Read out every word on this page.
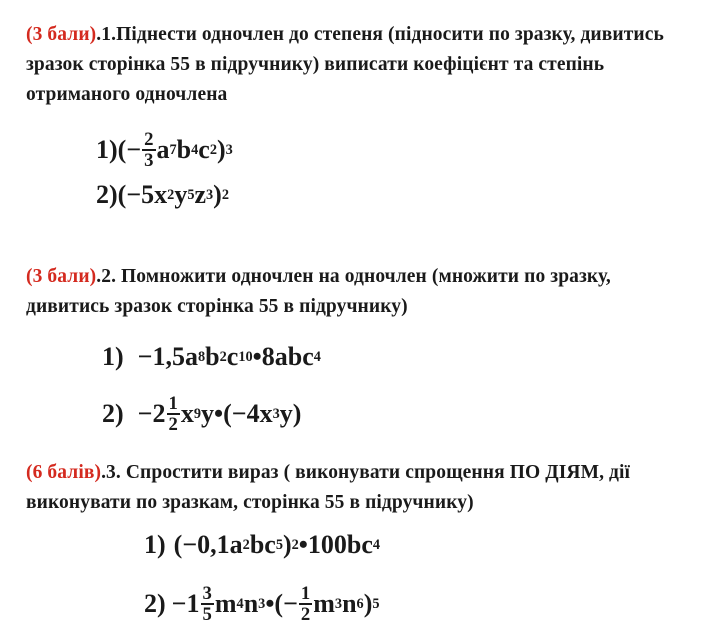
(3 бали).1.Піднести одночлен до степеня (підносити по зразку, дивитись зразок сторінка 55 в підручнику) виписати коефіцієнт та степінь отриманого одночлена
1) (− $\frac{2}{3}$ a 7 b 4 c 2 ) 3
2) (−5 x 2 y 5 z 3 ) 2
(3 бали).2. Помножити одночлен на одночлен (множити по зразку, дивитись зразок сторінка 55 в підручнику)
1) −1,5 a 8 b 2 c 10 •8abc 4
$2) -2 \frac{1}{2}$ x 9 y•(−4x 3 y)
(6 балів).3. Спростити вираз ( виконувати спрощення ПО ДІЯМ, дії виконувати по зразкам, сторінка 55 в підручнику)
1) (−0,1a 2 bc 5 ) 2 •100bc 4
$2) -1 \frac{3}{5}$ m 4 n 3 •(− $\frac{1}{2}$ m 3 n 6 ) 5
